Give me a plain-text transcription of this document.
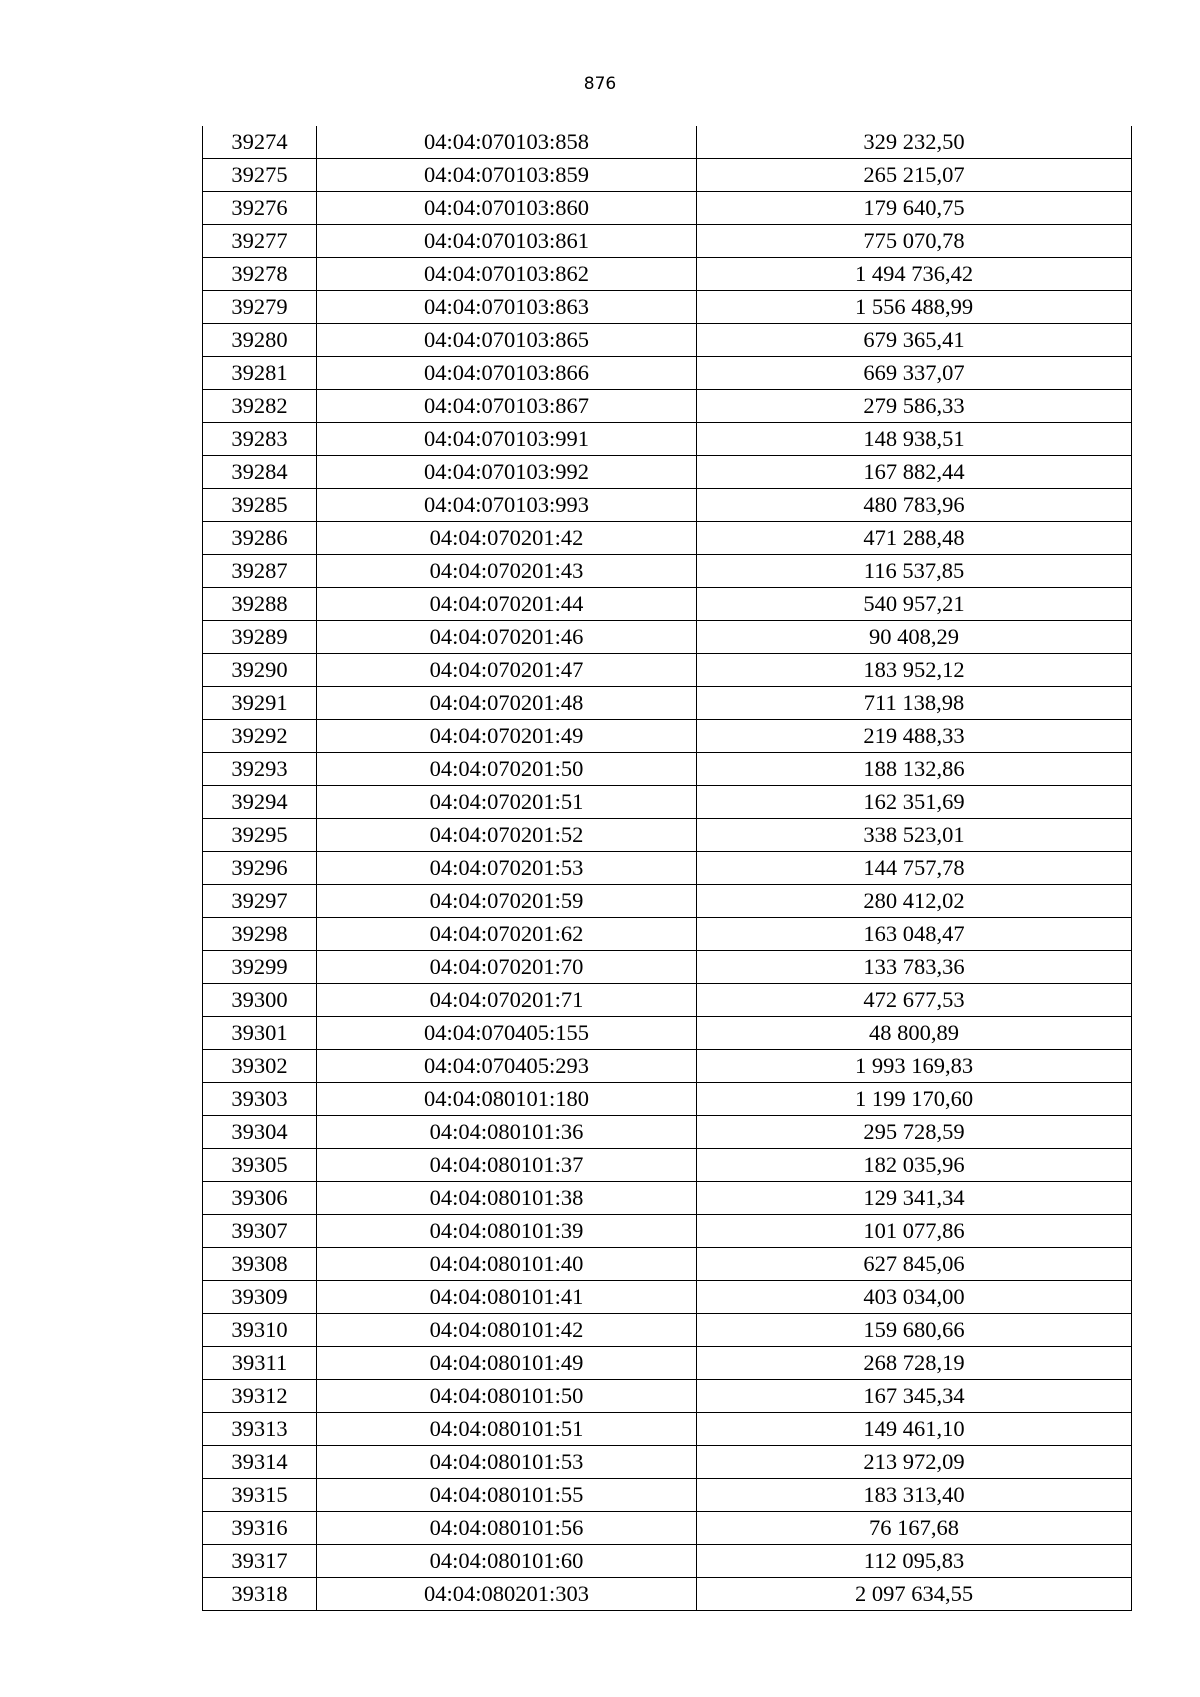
876
39274	04:04:070103:858	329 232,50
39275	04:04:070103:859	265 215,07
39276	04:04:070103:860	179 640,75
39277	04:04:070103:861	775 070,78
39278	04:04:070103:862	1 494 736,42
39279	04:04:070103:863	1 556 488,99
39280	04:04:070103:865	679 365,41
39281	04:04:070103:866	669 337,07
39282	04:04:070103:867	279 586,33
39283	04:04:070103:991	148 938,51
39284	04:04:070103:992	167 882,44
39285	04:04:070103:993	480 783,96
39286	04:04:070201:42	471 288,48
39287	04:04:070201:43	116 537,85
39288	04:04:070201:44	540 957,21
39289	04:04:070201:46	90 408,29
39290	04:04:070201:47	183 952,12
39291	04:04:070201:48	711 138,98
39292	04:04:070201:49	219 488,33
39293	04:04:070201:50	188 132,86
39294	04:04:070201:51	162 351,69
39295	04:04:070201:52	338 523,01
39296	04:04:070201:53	144 757,78
39297	04:04:070201:59	280 412,02
39298	04:04:070201:62	163 048,47
39299	04:04:070201:70	133 783,36
39300	04:04:070201:71	472 677,53
39301	04:04:070405:155	48 800,89
39302	04:04:070405:293	1 993 169,83
39303	04:04:080101:180	1 199 170,60
39304	04:04:080101:36	295 728,59
39305	04:04:080101:37	182 035,96
39306	04:04:080101:38	129 341,34
39307	04:04:080101:39	101 077,86
39308	04:04:080101:40	627 845,06
39309	04:04:080101:41	403 034,00
39310	04:04:080101:42	159 680,66
39311	04:04:080101:49	268 728,19
39312	04:04:080101:50	167 345,34
39313	04:04:080101:51	149 461,10
39314	04:04:080101:53	213 972,09
39315	04:04:080101:55	183 313,40
39316	04:04:080101:56	76 167,68
39317	04:04:080101:60	112 095,83
39318	04:04:080201:303	2 097 634,55
